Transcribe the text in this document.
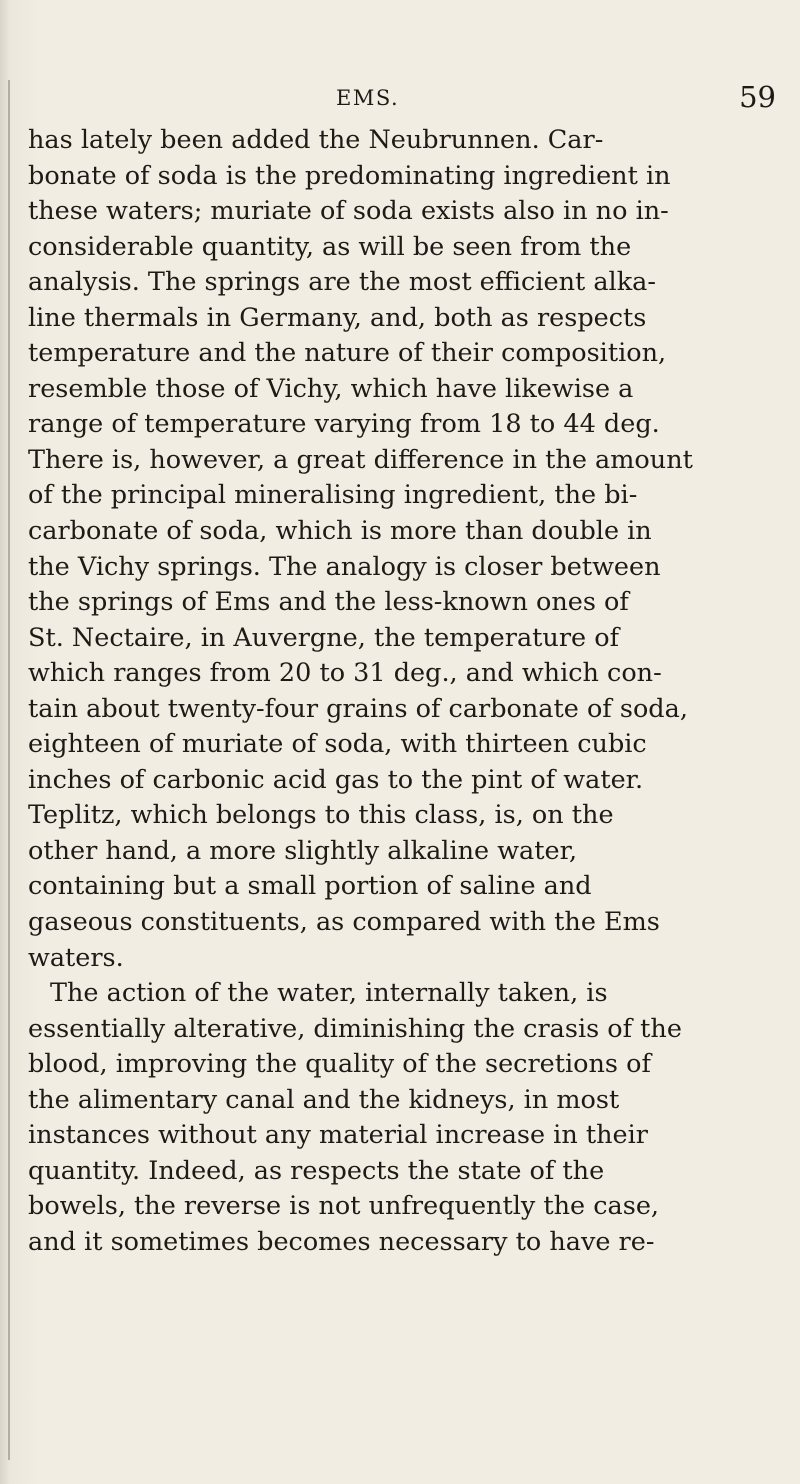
EMS.	59
has lately been added the Neubrunnen. Car-
bonate of soda is the predominating ingredient in
these waters; muriate of soda exists also in no in-
considerable quantity, as will be seen from the
analysis. The springs are the most efficient alka-
line thermals in Germany, and, both as respects
temperature and the nature of their composition,
resemble those of Vichy, which have likewise a
range of temperature varying from 18 to 44 deg.
There is, however, a great difference in the amount
of the principal mineralising ingredient, the bi-
carbonate of soda, which is more than double in
the Vichy springs. The analogy is closer between
the springs of Ems and the less-known ones of
St. Nectaire, in Auvergne, the temperature of
which ranges from 20 to 31 deg., and which con-
tain about twenty-four grains of carbonate of soda,
eighteen of muriate of soda, with thirteen cubic
inches of carbonic acid gas to the pint of water.
Teplitz, which belongs to this class, is, on the
other hand, a more slightly alkaline water,
containing but a small portion of saline and
gaseous constituents, as compared with the Ems
waters.
The action of the water, internally taken, is
essentially alterative, diminishing the crasis of the
blood, improving the quality of the secretions of
the alimentary canal and the kidneys, in most
instances without any material increase in their
quantity. Indeed, as respects the state of the
bowels, the reverse is not unfrequently the case,
and it sometimes becomes necessary to have re-
